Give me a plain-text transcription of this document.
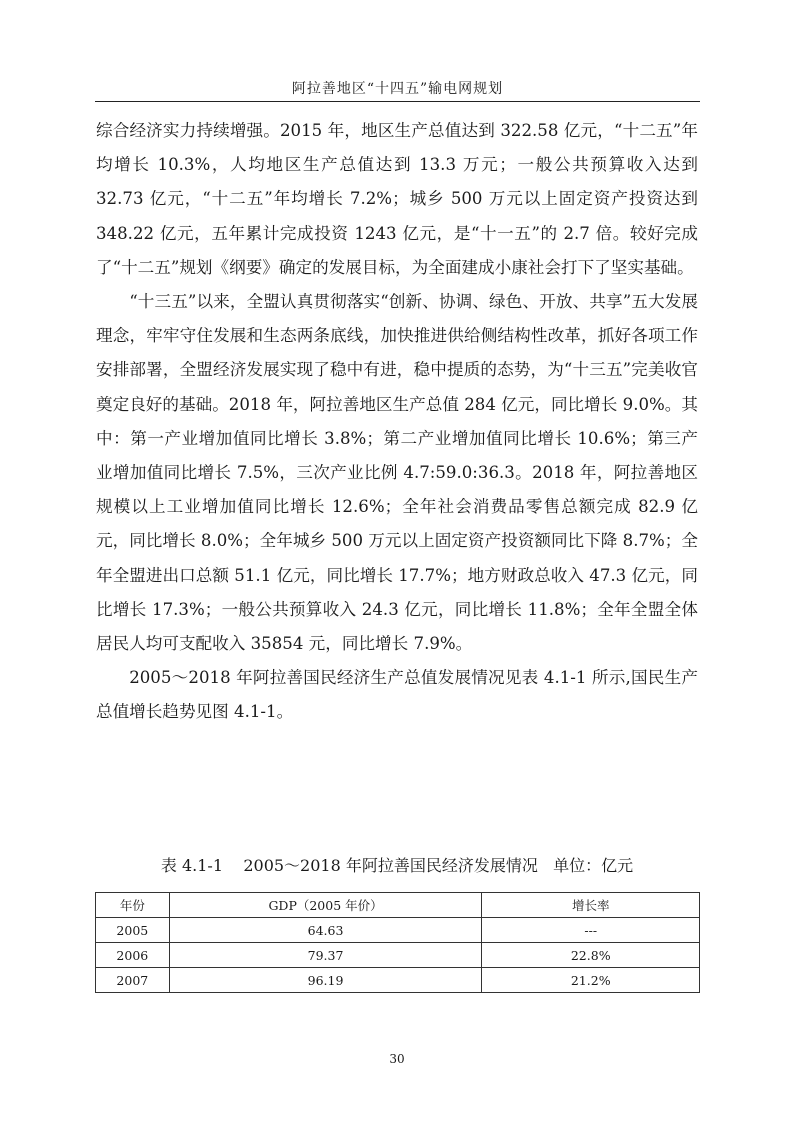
阿拉善地区“十四五”输电网规划

综合经济实力持续增强。2015 年，地区生产总值达到 322.58 亿元，“十二五”年均增长 10.3%，人均地区生产总值达到 13.3 万元；一般公共预算收入达到 32.73 亿元，“十二五”年均增长 7.2%；城乡 500 万元以上固定资产投资达到 348.22 亿元，五年累计完成投资 1243 亿元，是“十一五”的 2.7 倍。较好完成了“十二五”规划《纲要》确定的发展目标，为全面建成小康社会打下了坚实基础。

“十三五”以来，全盟认真贯彻落实“创新、协调、绿色、开放、共享”五大发展理念，牢牢守住发展和生态两条底线，加快推进供给侧结构性改革，抓好各项工作安排部署，全盟经济发展实现了稳中有进，稳中提质的态势，为“十三五”完美收官奠定良好的基础。2018 年，阿拉善地区生产总值 284 亿元，同比增长 9.0%。其中：第一产业增加值同比增长 3.8%；第二产业增加值同比增长 10.6%；第三产业增加值同比增长 7.5%，三次产业比例 4.7:59.0:36.3。2018 年，阿拉善地区规模以上工业增加值同比增长 12.6%；全年社会消费品零售总额完成 82.9 亿元，同比增长 8.0%；全年城乡 500 万元以上固定资产投资额同比下降 8.7%；全年全盟进出口总额 51.1 亿元，同比增长 17.7%；地方财政总收入 47.3 亿元，同比增长 17.3%；一般公共预算收入 24.3 亿元，同比增长 11.8%；全年全盟全体居民人均可支配收入 35854 元，同比增长 7.9%。

2005～2018 年阿拉善国民经济生产总值发展情况见表 4.1-1 所示,国民生产总值增长趋势见图 4.1-1。

表 4.1-1    2005～2018 年阿拉善国民经济发展情况   单位：亿元
年份	GDP（2005 年价）	增长率
2005	64.63	---
2006	79.37	22.8%
2007	96.19	21.2%
30
